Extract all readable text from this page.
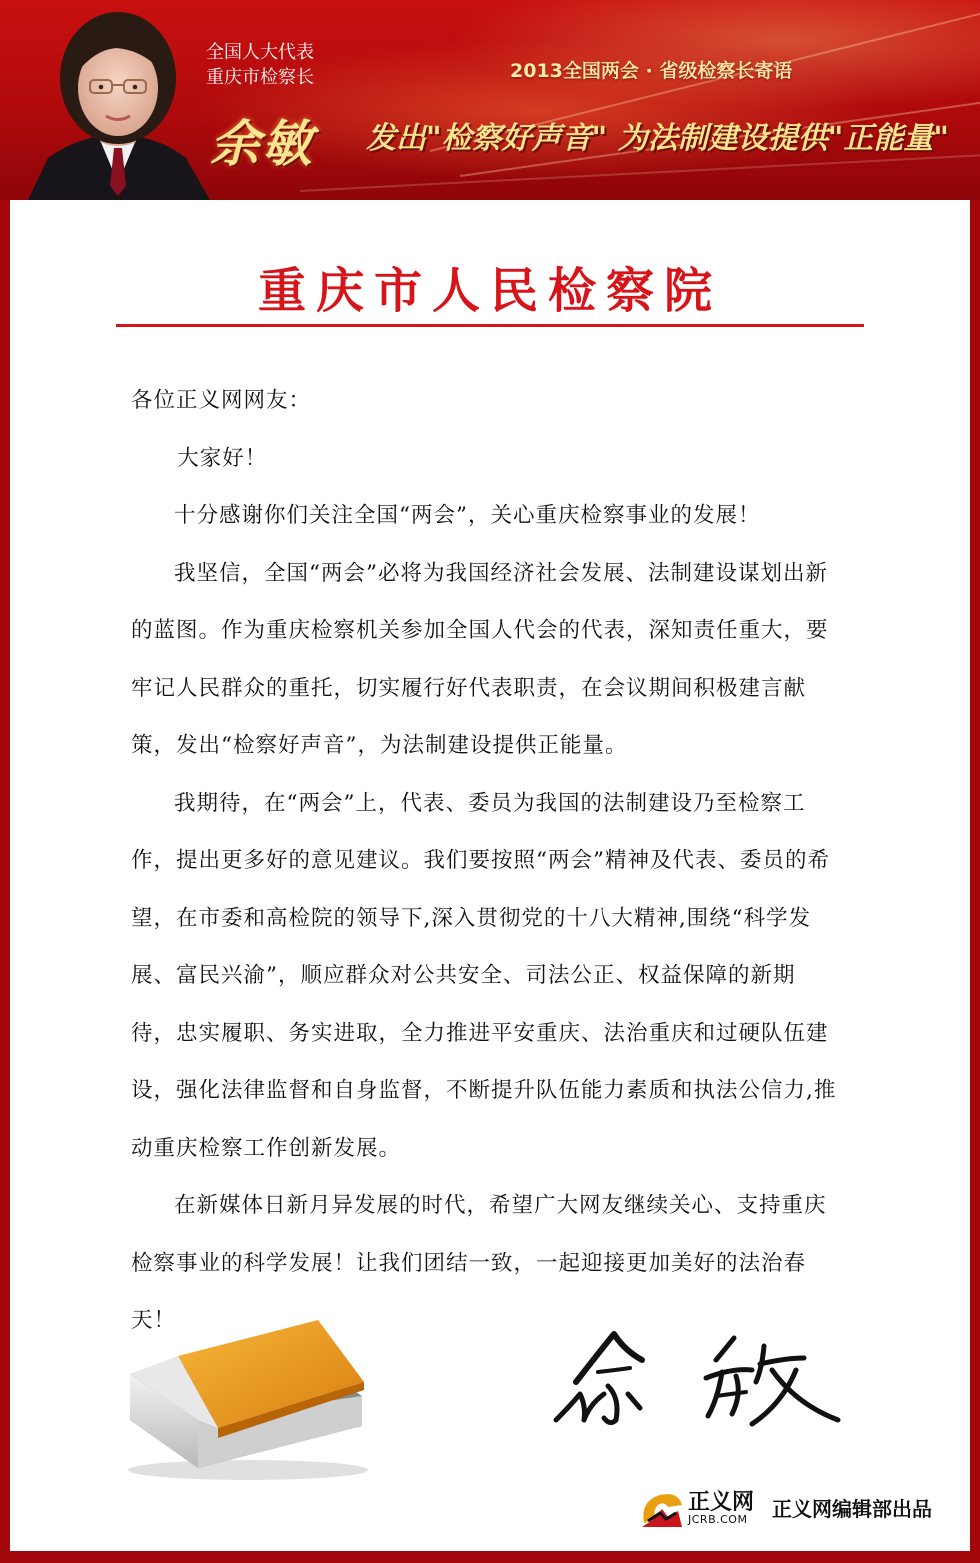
全国人大代表
重庆市检察长	2013全国两会 · 省级检察长寄语
余敏 发出"检察好声音" 为法制建设提供"正能量"
重庆市人民检察院

各位正义网网友：

大家好！

十分感谢你们关注全国“两会”，关心重庆检察事业的发展！

我坚信，全国“两会”必将为我国经济社会发展、法制建设谋划出新的蓝图。作为重庆检察机关参加全国人代会的代表，深知责任重大，要牢记人民群众的重托，切实履行好代表职责，在会议期间积极建言献策，发出“检察好声音”，为法制建设提供正能量。

我期待，在“两会”上，代表、委员为我国的法制建设乃至检察工作，提出更多好的意见建议。我们要按照“两会”精神及代表、委员的希望，在市委和高检院的领导下,深入贯彻党的十八大精神,围绕“科学发展、富民兴渝”，顺应群众对公共安全、司法公正、权益保障的新期待，忠实履职、务实进取，全力推进平安重庆、法治重庆和过硬队伍建设，强化法律监督和自身监督，不断提升队伍能力素质和执法公信力,推动重庆检察工作创新发展。

在新媒体日新月异发展的时代，希望广大网友继续关心、支持重庆检察事业的科学发展！让我们团结一致，一起迎接更加美好的法治春天！

正义网
JCRB.COM 正义网编辑部出品
